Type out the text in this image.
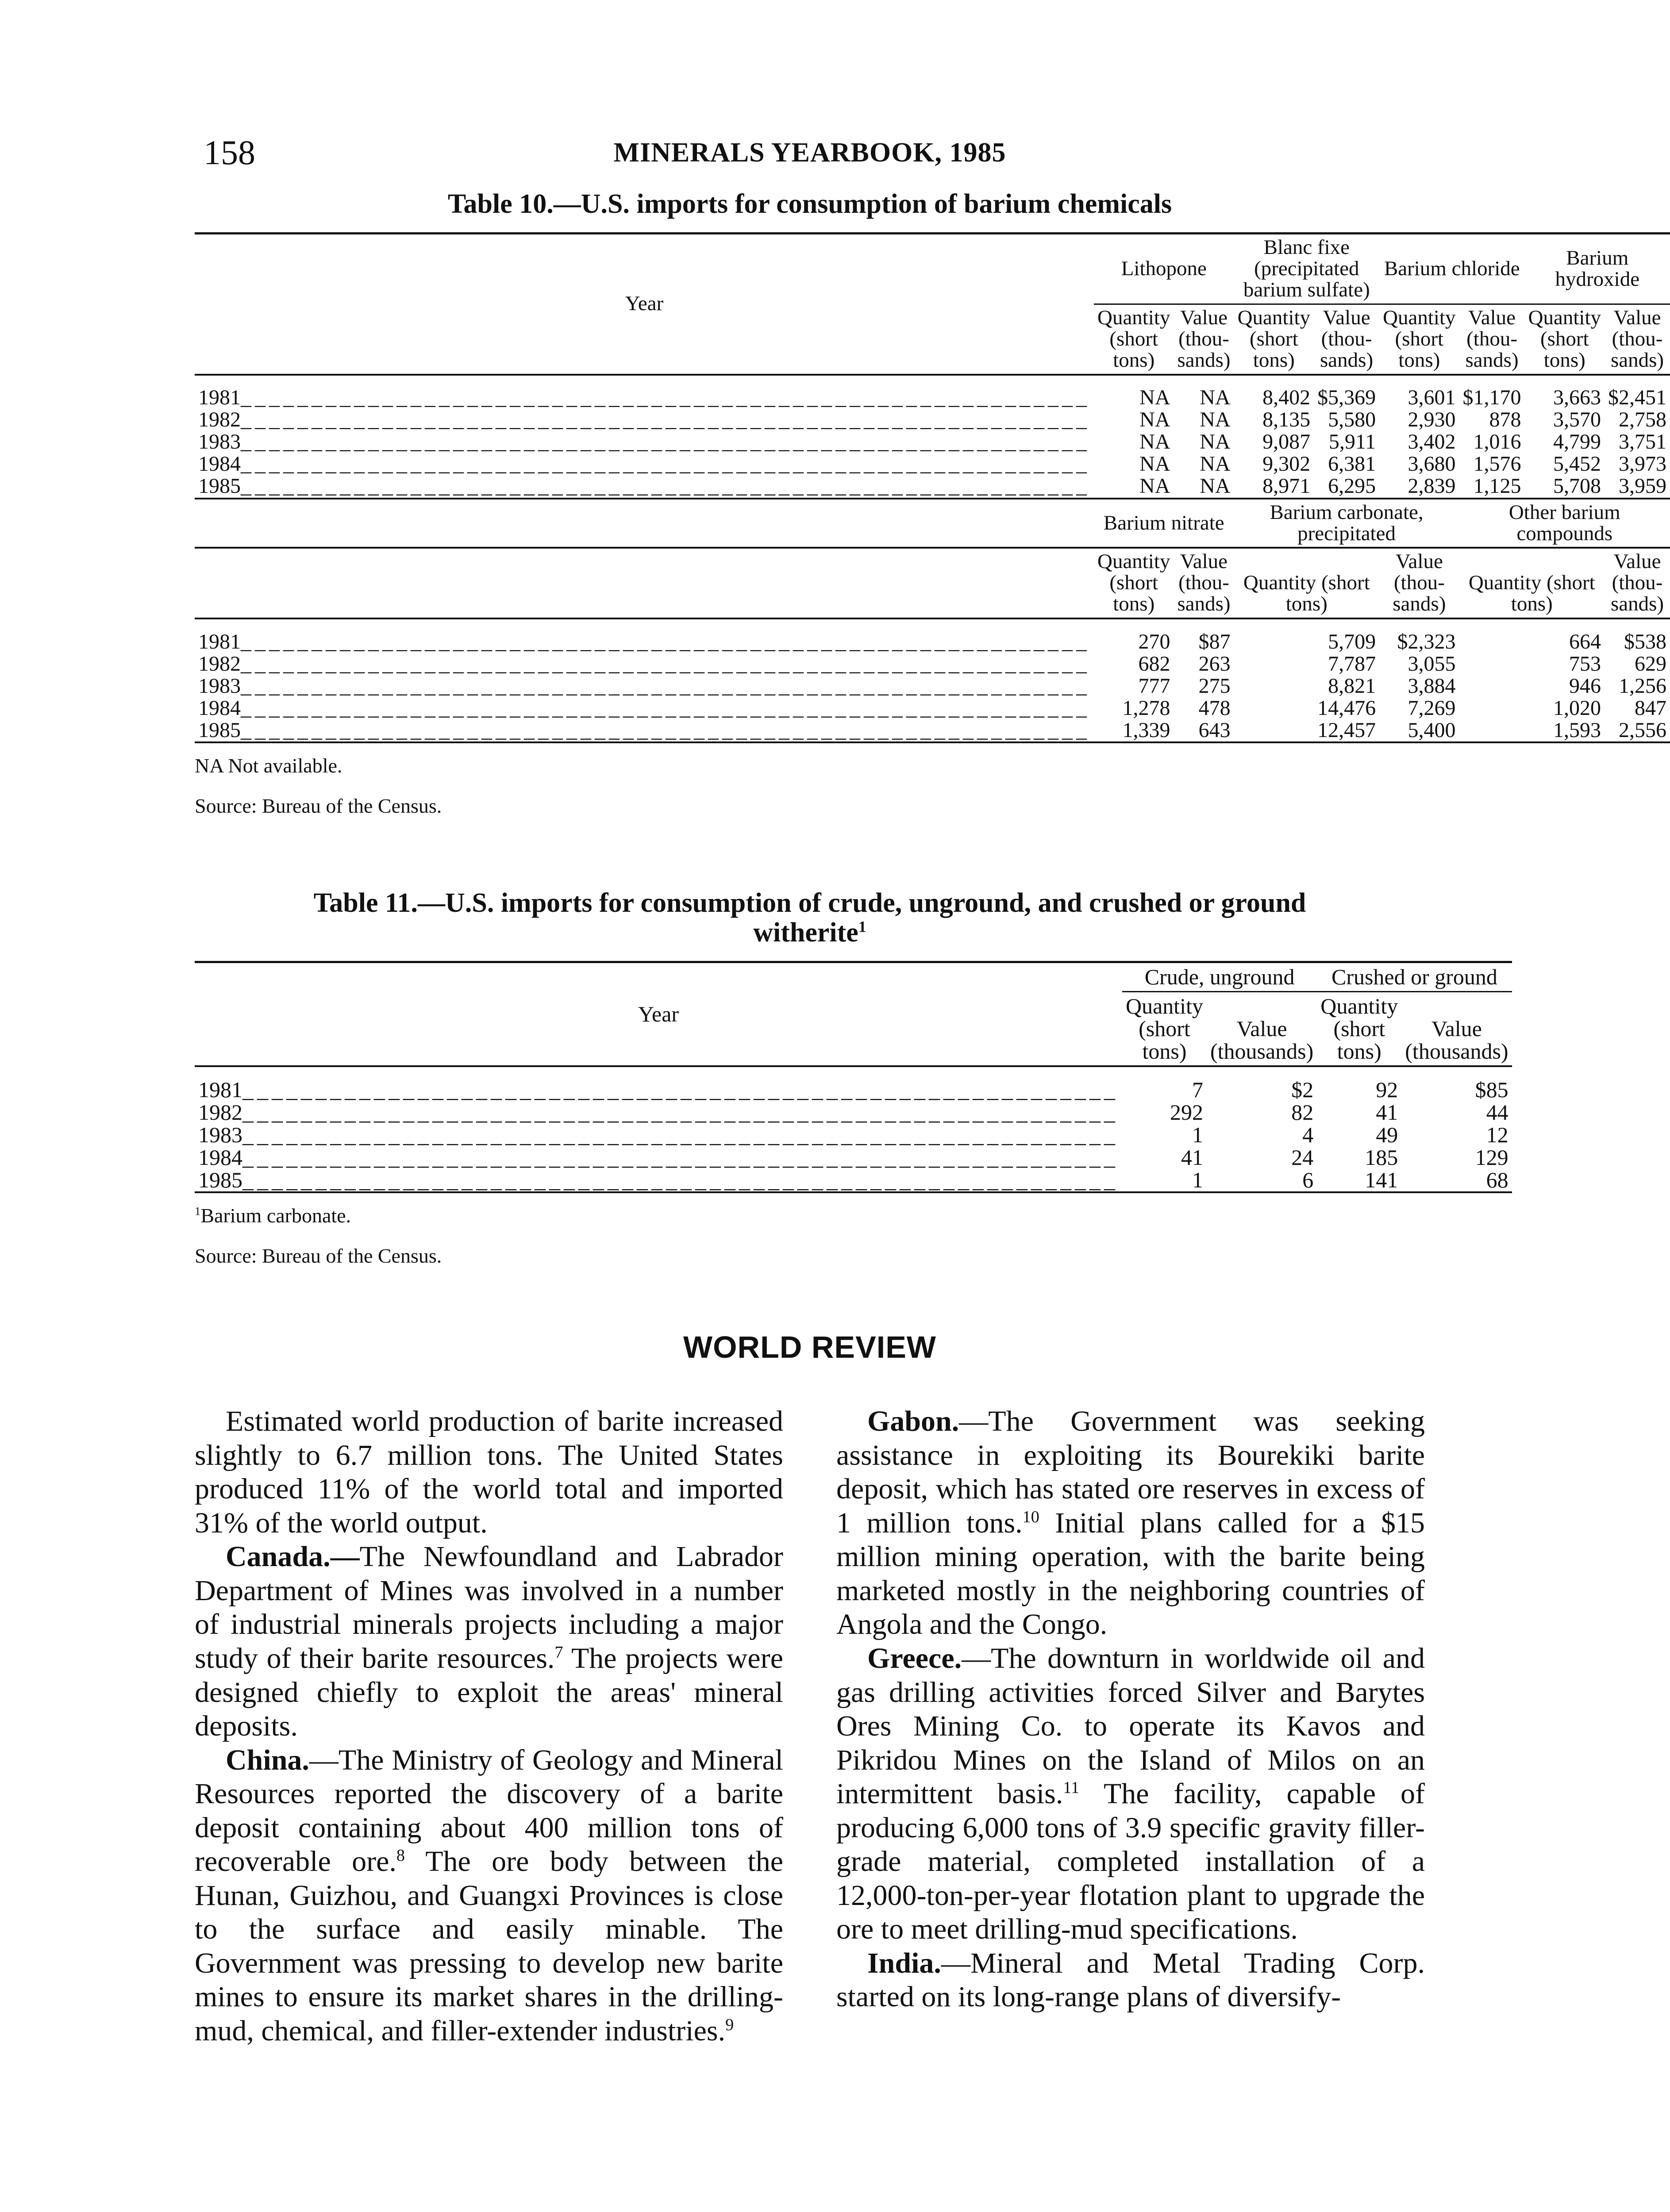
158	MINERALS YEARBOOK, 1985
Table 10.—U.S. imports for consumption of barium chemicals
Year	Lithopone		Blanc fixe (precipitated barium sulfate)		Barium chloride		Barium hydroxide	
	Quantity (short tons)	Value (thou- sands)	Quantity (short tons)	Value (thou- sands)	Quantity (short tons)	Value (thou- sands)	Quantity (short tons)	Value (thou- sands)

1981____________________________________________________________	NA	NA	8,402	$5,369	3,601	$1,170	3,663	$2,451
1982____________________________________________________________	NA	NA	8,135	5,580	2,930	878	3,570	2,758
1983____________________________________________________________	NA	NA	9,087	5,911	3,402	1,016	4,799	3,751
1984____________________________________________________________	NA	NA	9,302	6,381	3,680	1,576	5,452	3,973
1985____________________________________________________________	NA	NA	8,971	6,295	2,839	1,125	5,708	3,959
	Barium nitrate		Barium carbonate, precipitated			Other barium compounds		
	Quantity (short tons)	Value (thou- sands)	Quantity (short tons)		Value (thou- sands)	Quantity (short tons)		Value (thou- sands)

1981____________________________________________________________	270	$87	5,709		$2,323	664		$538
1982____________________________________________________________	682	263	7,787		3,055	753		629
1983____________________________________________________________	777	275	8,821		3,884	946		1,256
1984____________________________________________________________	1,278	478	14,476		7,269	1,020		847
1985____________________________________________________________	1,339	643	12,457		5,400	1,593		2,556
NA Not available.
Source: Bureau of the Census.
Table 11.—U.S. imports for consumption of crude, unground, and crushed or ground
witherite$^1$
Year	Crude, unground		Crushed or ground	
	Quantity (short tons)	Value (thousands)	Quantity (short tons)	Value (thousands)

1981____________________________________________________________	7	$2	92	$85
1982____________________________________________________________	292	82	41	44
1983____________________________________________________________	1	4	49	12
1984____________________________________________________________	41	24	185	129
1985____________________________________________________________	1	6	141	68
$^1$Barium carbonate.
Source: Bureau of the Census.
WORLD REVIEW

Estimated world production of barite increased slightly to 6.7 million tons. The United States produced 11% of the world total and imported 31% of the world output.

Canada.—The Newfoundland and Labrador Department of Mines was involved in a number of industrial minerals projects including a major study of their barite resources.$^7$ The projects were designed chiefly to exploit the areas' mineral deposits.

China.—The Ministry of Geology and Mineral Resources reported the discovery of a barite deposit containing about 400 million tons of recoverable ore.$^8$ The ore body between the Hunan, Guizhou, and Guangxi Provinces is close to the surface and easily minable. The Government was pressing to develop new barite mines to ensure its market shares in the drilling-mud, chemical, and filler-extender industries.$^9$

Gabon.—The Government was seeking assistance in exploiting its Bourekiki barite deposit, which has stated ore reserves in excess of 1 million tons.$^{10}$ Initial plans called for a $15 million mining operation, with the barite being marketed mostly in the neighboring countries of Angola and the Congo.

Greece.—The downturn in worldwide oil and gas drilling activities forced Silver and Barytes Ores Mining Co. to operate its Kavos and Pikridou Mines on the Island of Milos on an intermittent basis.$^{11}$ The facility, capable of producing 6,000 tons of 3.9 specific gravity filler-grade material, completed installation of a 12,000-ton-per-year flotation plant to upgrade the ore to meet drilling-mud specifications.

India.—Mineral and Metal Trading Corp. started on its long-range plans of diversify-
